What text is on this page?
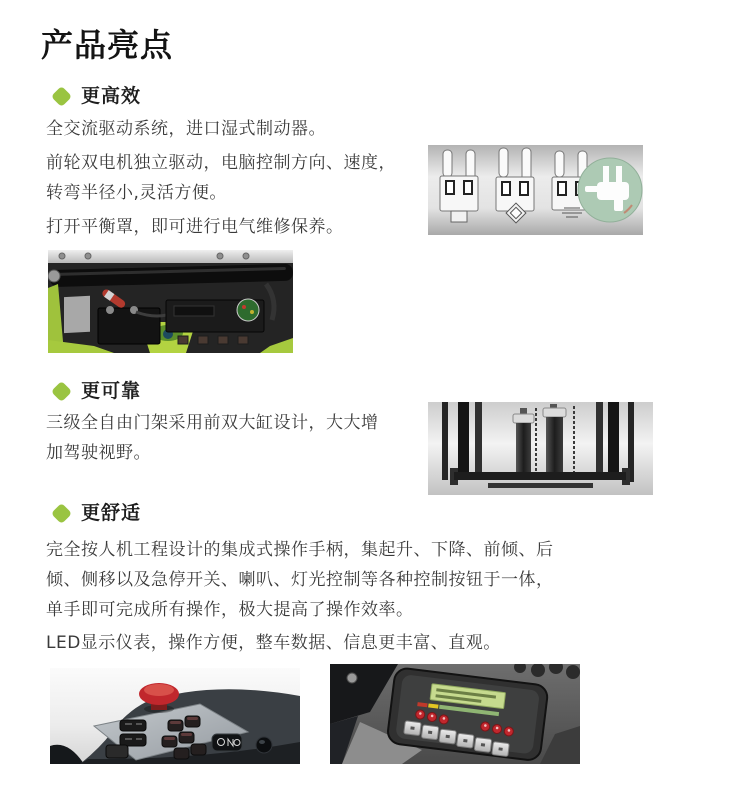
产品亮点
更高效
全交流驱动系统，进口湿式制动器。
前轮双电机独立驱动，电脑控制方向、速度，
转弯半径小,灵活方便。
打开平衡罩，即可进行电气维修保养。
更可靠
三级全自由门架采用前双大缸设计，大大增
加驾驶视野。
更舒适
完全按人机工程设计的集成式操作手柄，集起升、下降、前倾、后
倾、侧移以及急停开关、喇叭、灯光控制等各种控制按钮于一体，
单手即可完成所有操作，极大提高了操作效率。
LED显示仪表，操作方便，整车数据、信息更丰富、直观。
